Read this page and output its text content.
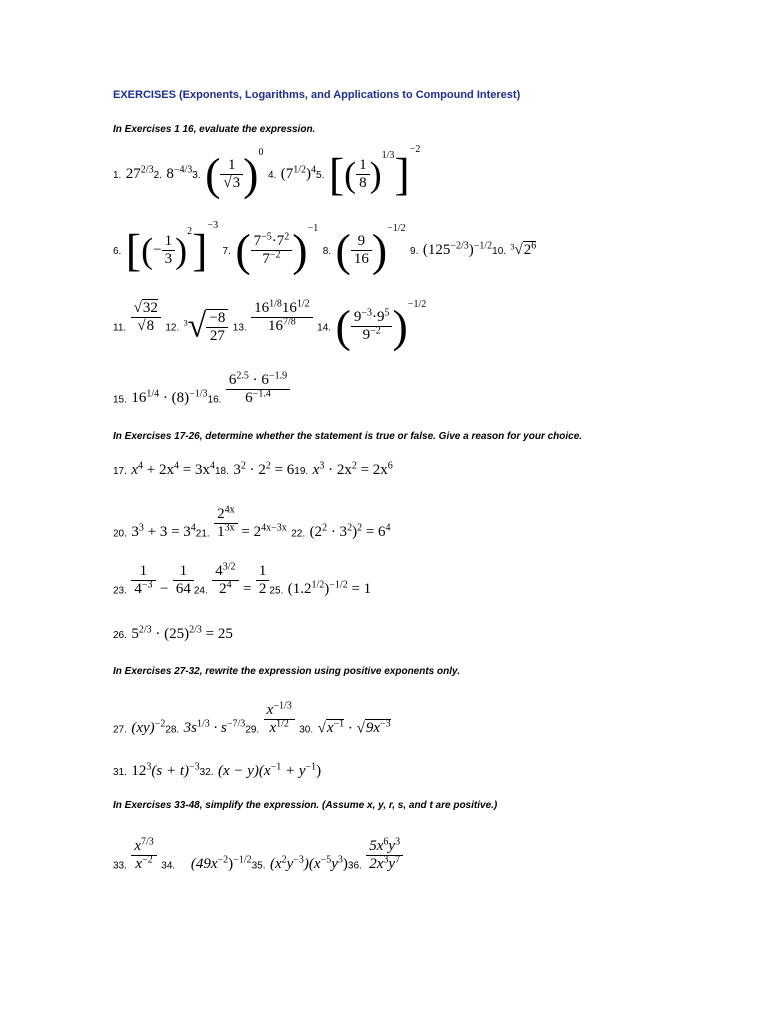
EXERCISES (Exponents, Logarithms, and Applications to Compound Interest)
In Exercises 1 16, evaluate the expression.
1. $27^{2/3}2$. $8^{-4/3}3$. ( $\frac{1}{√3} )^0$ 4. $(7^{1/2})^45$. [( $\frac{1}{8} )^{1/3}]^{-2}$
6. [(− $\frac{1}{3} )^2]^{-3}$ 7. ( $\frac{7^{-5}\cdot 7^2}{7^{-2}} )^{-1}$ 8. ( $\frac{9}{16} )^{-1/2}$ 9. $(125^{-2/3})^{-1/2}10$. $^3√2^6$
11. $\frac{√32}{√8} 12$. $^3√ \frac{-8}{27} 13$. $\frac{16^{1/8}16^{1/2}}{16^{7/8}} 14$. ( $\frac{9^{-3}\cdot 9^5}{9^{-2}} )^{-1/2}$
15. $16^{1/4} \cdot (8)^{-1/3}16$. $\frac{6^{2.5} \cdot 6^{-1.9}}{6^{-1.4}}$
In Exercises 17-26, determine whether the statement is true or false. Give a reason for your choice.
17. $x^4 + 2x^4 = 3x^418$. $3^2 \cdot 2^2 = 619$. $x^3 \cdot 2x^2 = 2x^6$
20. $3^3 + 3 = 3^421$. $\frac{2^{4x}}{1^{3x}} = 2^{4x-3x}$ 22. $(2^2 \cdot 3^2)^2 = 6^4$
23. $\frac{1}{4^{-3}} - \frac{1}{64} 24$. $\frac{4^{3/2}}{2^4} = \frac{1}{2} 25$. $(1.2^{1/2})^{-1/2} = 1$
26. $5^{2/3} \cdot (25)^{2/3} = 25$
In Exercises 27-32, rewrite the expression using positive exponents only.
27. (xy)$^{-2}$28. $3s^{1/3} \cdot s^{-7/3}29$. $\frac{x^{-1/3}}{x^{1/2}} 30$. $√x^{-1} \cdot √9x^{-3}$
31. $12^3(s + t)^{-3}32$. $(x - y)(x^{-1} + y^{-1})$
In Exercises 33-48, simplify the expression. (Assume x, y, r, s, and t are positive.)
33. $\frac{x^{7/3}}{x^{-2}} 34$. $(49x^{-2})^{-1/2}35$. $(x^2y^{-3})(x^{-5}y^3)36$. $\frac{5x^6y^3}{2x^3y^7}$
